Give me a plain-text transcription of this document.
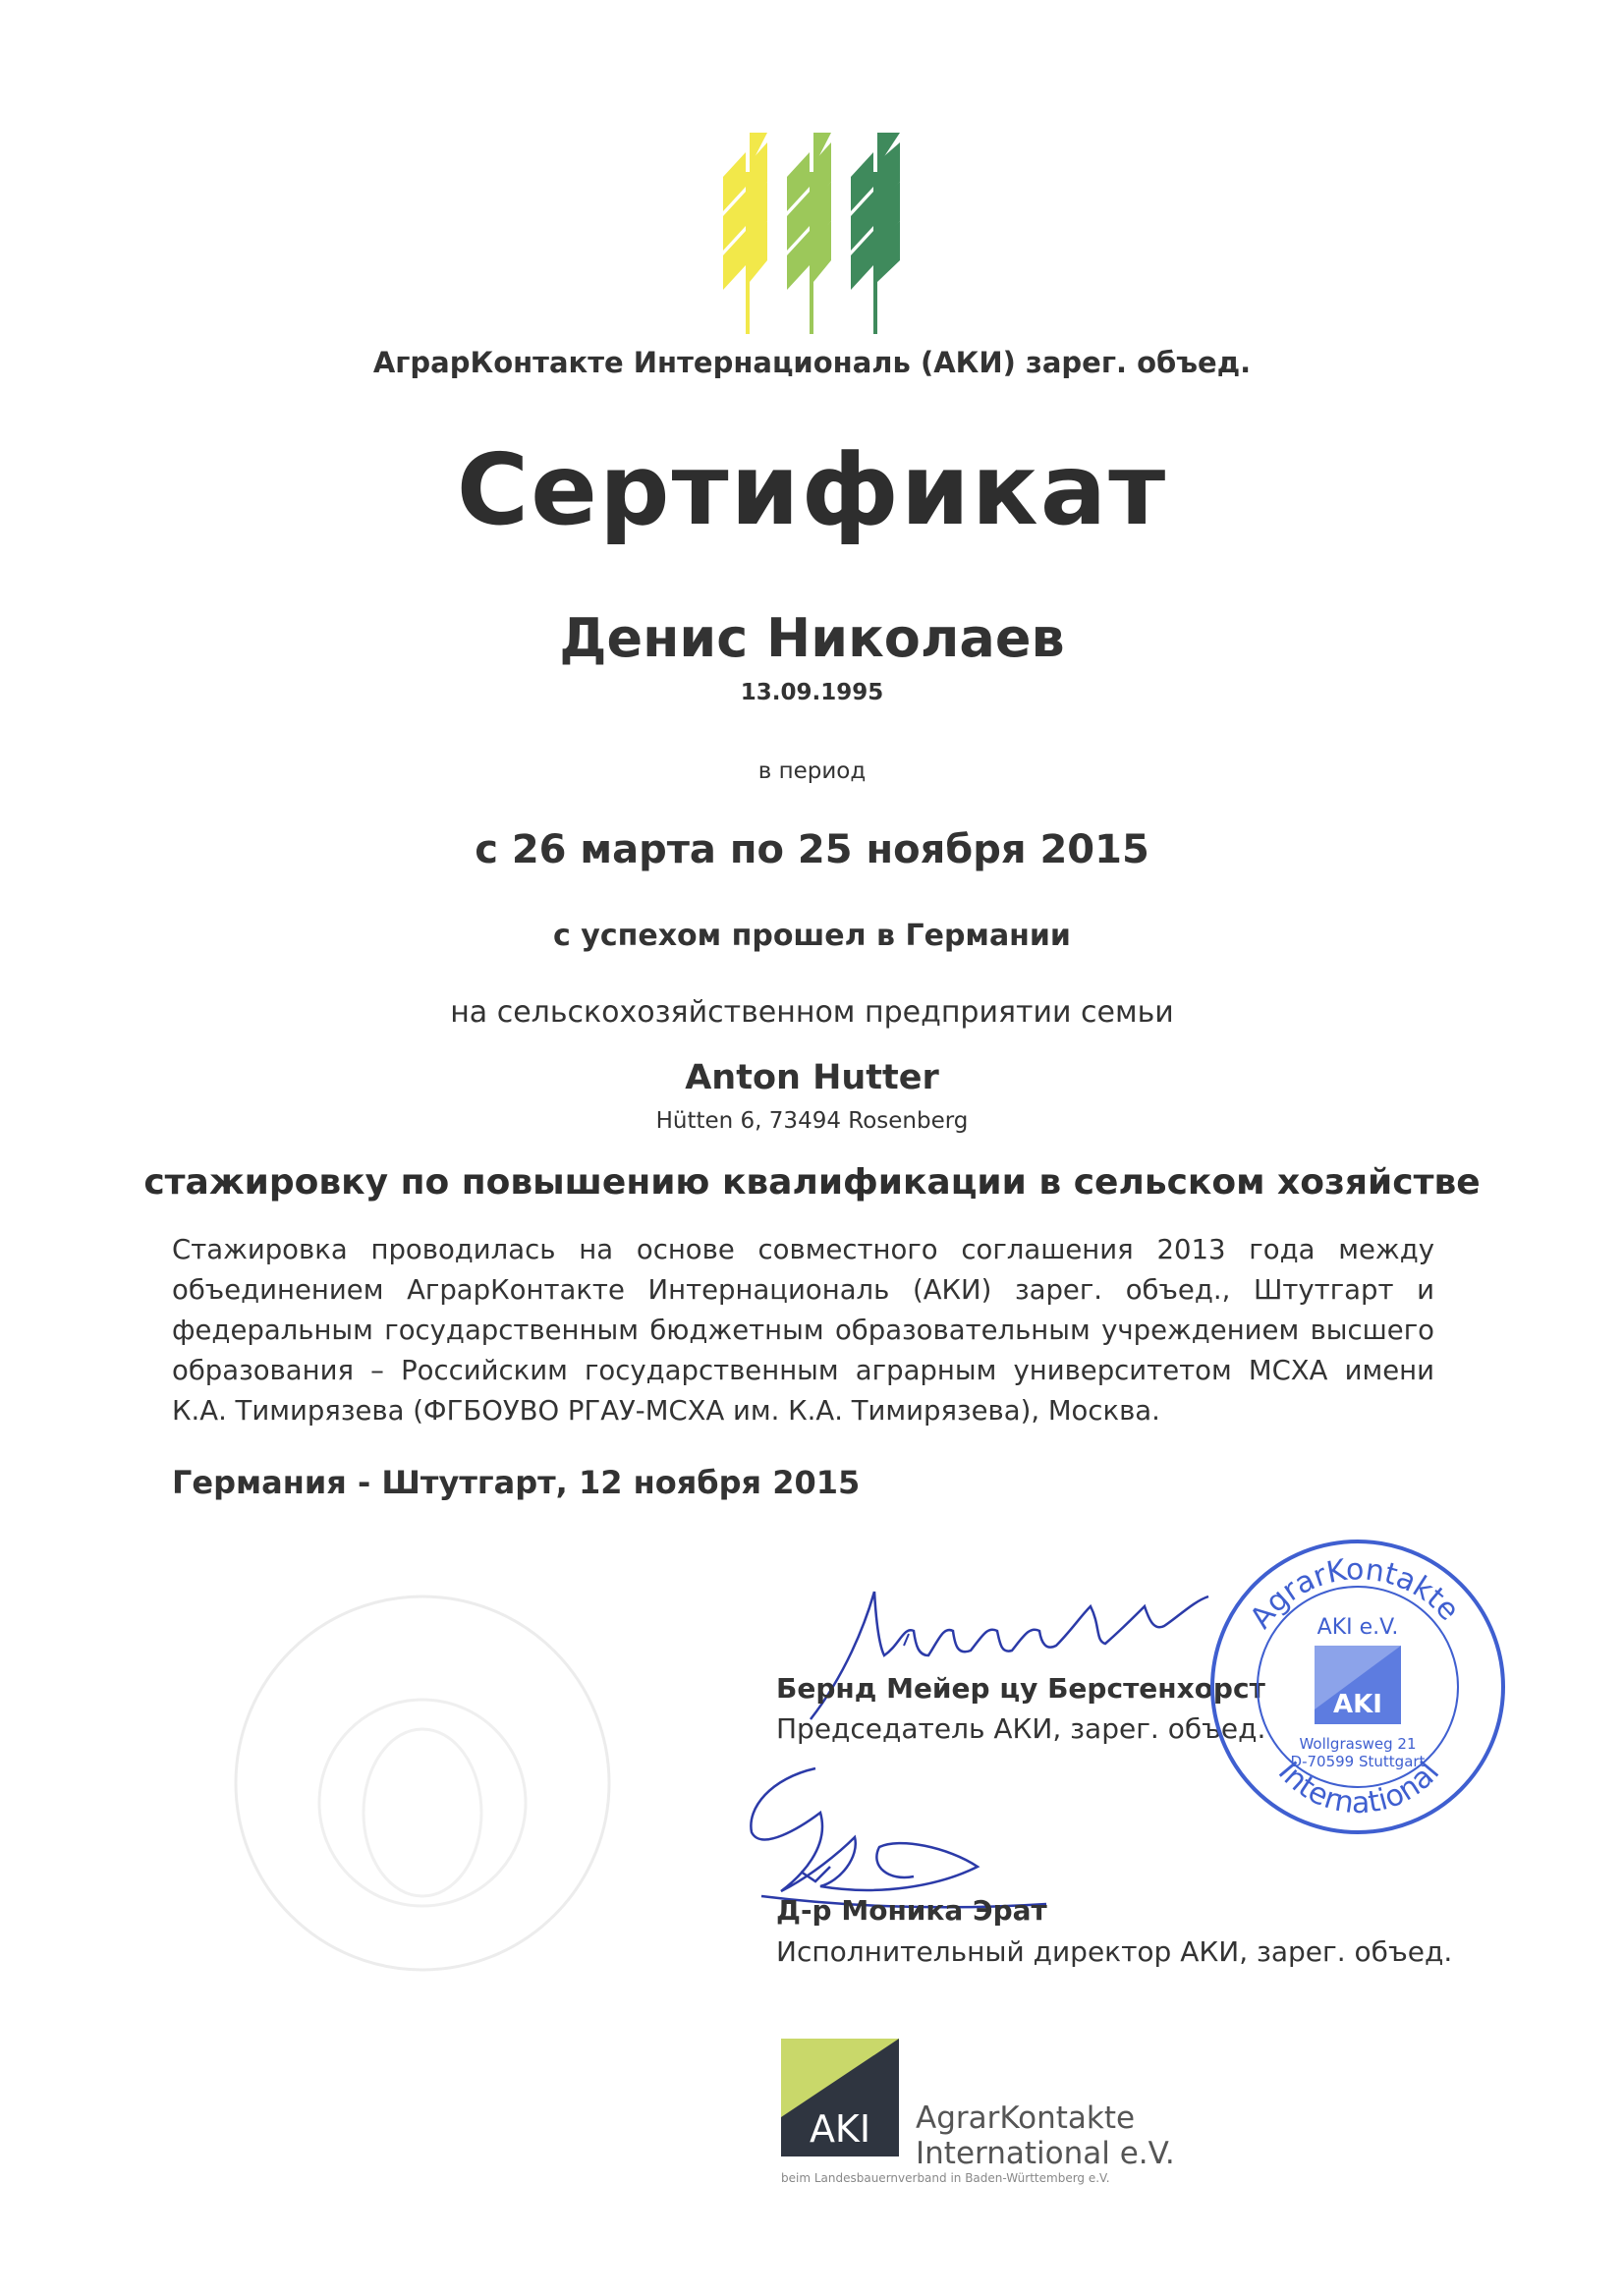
АграрКонтакте Интернациональ (АКИ) зарег. объед.
Сертификат
Денис Николаев
13.09.1995
в период
с 26 марта по 25 ноября 2015
с успехом прошел в Германии
на сельскохозяйственном предприятии семьи
Anton Hutter
Hütten 6, 73494 Rosenberg
стажировку по повышению квалификации в сельском хозяйстве
Стажировка проводилась на основе совместного соглашения 2013 года между объединением АграрКонтакте Интернациональ (АКИ) зарег. объед., Штутгарт и федеральным государственным бюджетным образовательным учреждением высшего образования – Российским государственным аграрным университетом МСХА имени К.А. Тимирязева (ФГБОУВО РГАУ-МСХА им. К.А. Тимирязева), Москва.
Германия - Штутгарт, 12 ноября 2015
Бернд Мейер цу Берстенхорст
Председатель АКИ, зарег. объед.
Д-р Моника Эрат
Исполнительный директор АКИ, зарег. объед.
AgrarKontakte
International
AKI e.V.
AKI
Wollgrasweg 21
D-70599 Stuttgart
AKI AgrarKontakte
International e.V.
beim Landesbauernverband in Baden-Württemberg e.V.
